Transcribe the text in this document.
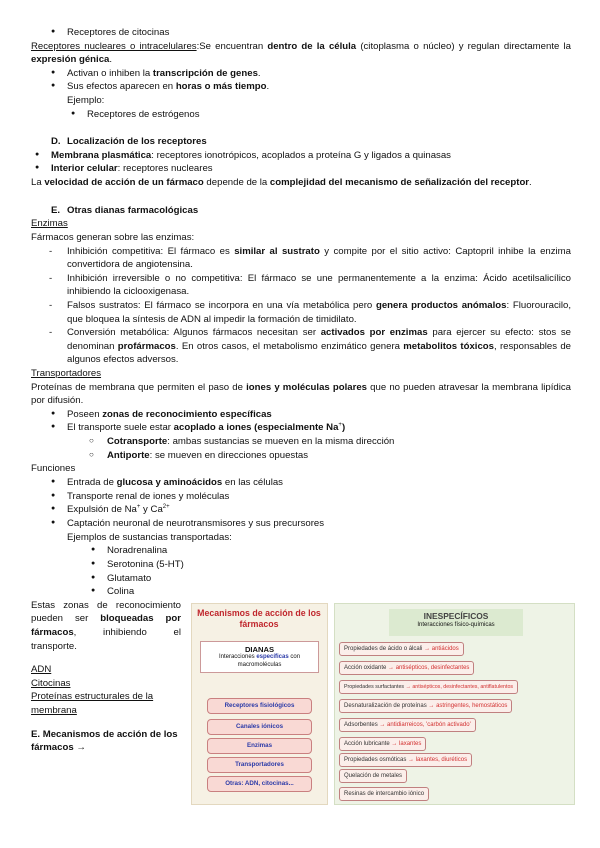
● Receptores de citocinas

Receptores nucleares o intracelulares:Se encuentran dentro de la célula (citoplasma o núcleo) y regulan directamente la expresión génica.

● Activan o inhiben la transcripción de genes.

● Sus efectos aparecen en horas o más tiempo.

Ejemplo:

● Receptores de estrógenos

D. Localización de los receptores

● Membrana plasmática: receptores ionotrópicos, acoplados a proteína G y ligados a quinasas

● Interior celular: receptores nucleares

La velocidad de acción de un fármaco depende de la complejidad del mecanismo de señalización del receptor.

E. Otras dianas farmacológicas

Enzimas

Fármacos generan sobre las enzimas:

- Inhibición competitiva: El fármaco es similar al sustrato y compite por el sitio activo: Captopril inhibe la enzima convertidora de angiotensina.

- Inhibición irreversible o no competitiva: El fármaco se une permanentemente a la enzima: Ácido acetilsalicílico inhibiendo la ciclooxigenasa.

- Falsos sustratos: El fármaco se incorpora en una vía metabólica pero genera productos anómalos: Fluorouracilo, que bloquea la síntesis de ADN al impedir la formación de timidilato.

- Conversión metabólica: Algunos fármacos necesitan ser activados por enzimas para ejercer su efecto: stos se denominan profármacos. En otros casos, el metabolismo enzimático genera metabolitos tóxicos, responsables de algunos efectos adversos.

Transportadores

Proteínas de membrana que permiten el paso de iones y moléculas polares que no pueden atravesar la membrana lipídica por difusión.

● Poseen zonas de reconocimiento específicas

● El transporte suele estar acoplado a iones (especialmente Na+)

○ Cotransporte: ambas sustancias se mueven en la misma dirección

○ Antiporte: se mueven en direcciones opuestas

Funciones

● Entrada de glucosa y aminoácidos en las células

● Transporte renal de iones y moléculas

● Expulsión de Na+ y $Ca^{2+}$

● Captación neuronal de neurotransmisores y sus precursores

Ejemplos de sustancias transportadas:

● Noradrenalina

● Serotonina (5-HT)

● Glutamato

● Colina

Estas zonas de reconocimiento pueden ser bloqueadas por fármacos, inhibiendo el transporte.

ADN

Citocinas

Proteínas estructurales de la membrana

E. Mecanismos de acción de los fármacos →

Mecanismos de acción de los fármacos
DIANAS
Interacciones específicas con macromoléculas
Receptores fisiológicos
Canales iónicos
Enzimas
Transportadores
Otras: ADN, citocinas...
INESPECÍFICOS
Interacciones físico-químicas
Propiedades de ácido o álcali → antiácidos
Acción oxidante → antisépticos, desinfectantes
Propiedades surfactantes → antisépticos, desinfectantes, antiflatulentos
Desnaturalización de proteínas → astringentes, hemostáticos
Adsorbentes → antidiarreicos, 'carbón activado'
Acción lubricante → laxantes
Propiedades osmóticas → laxantes, diuréticos
Quelación de metales
Resinas de intercambio iónico
